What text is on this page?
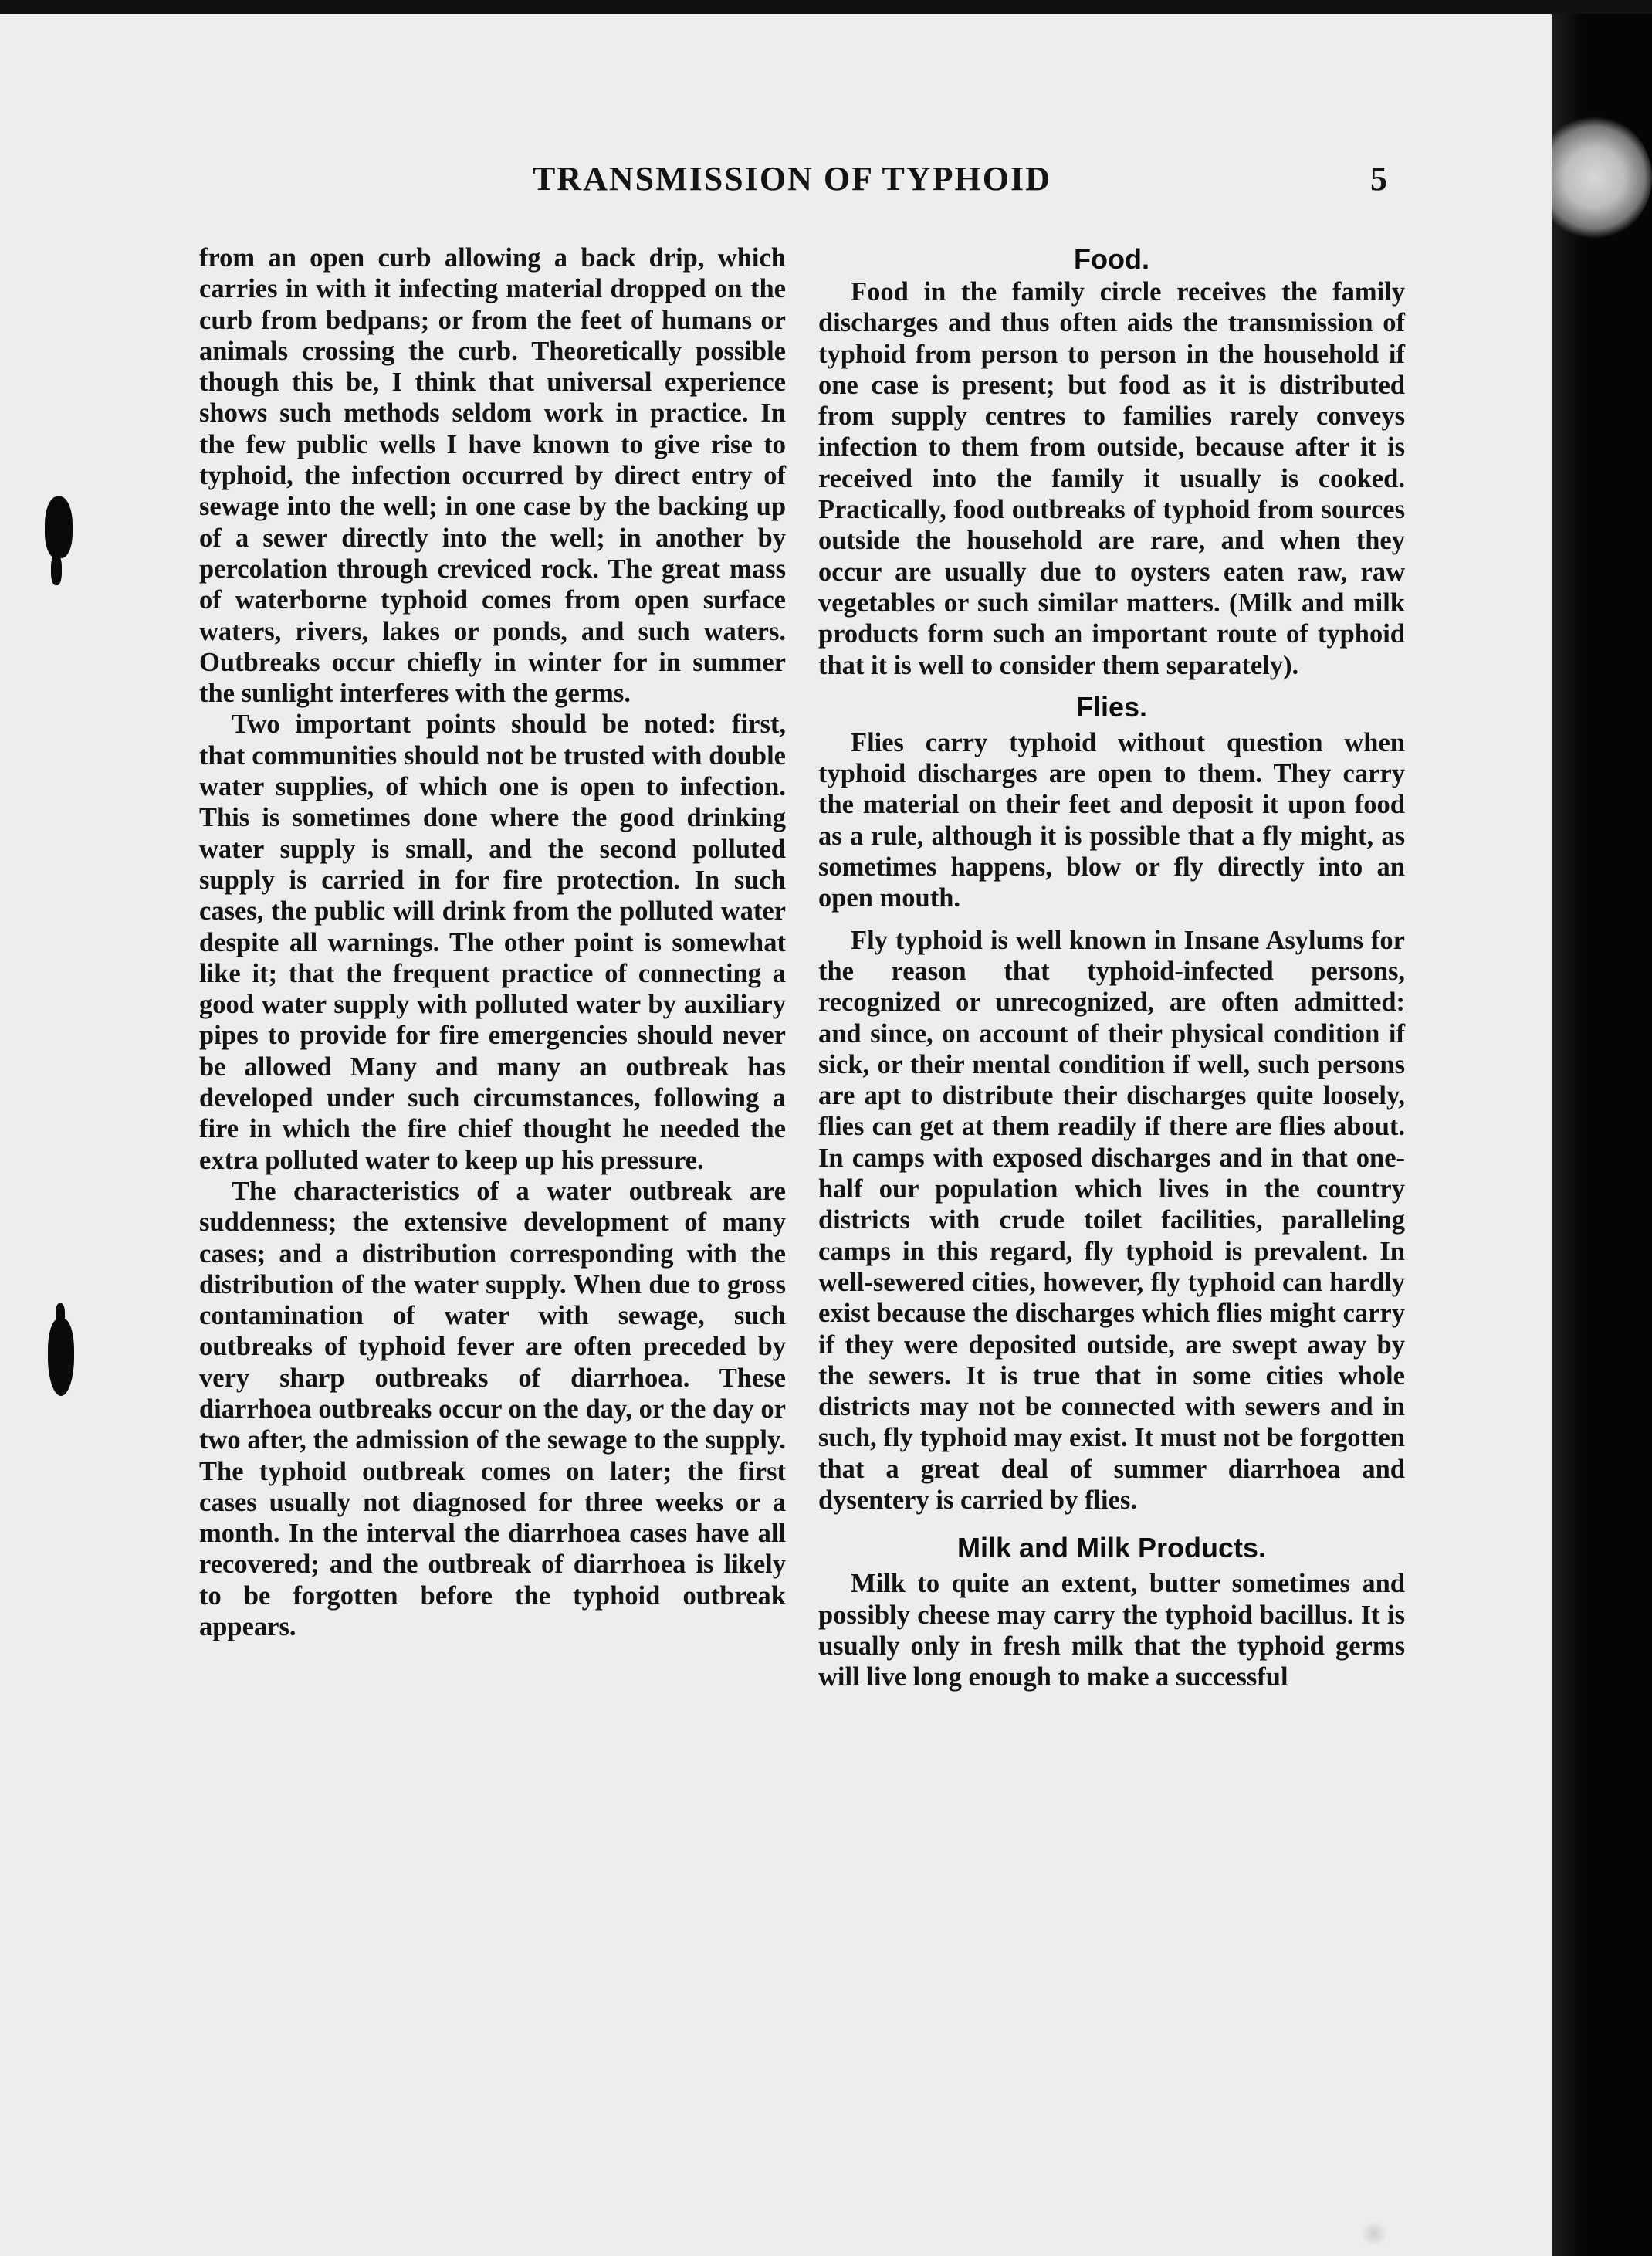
TRANSMISSION OF TYPHOID	5

from an open curb allowing a back drip, which carries in with it infecting material dropped on the curb from bedpans; or from the feet of humans or animals crossing the curb. Theoretically possible though this be, I think that universal experience shows such methods seldom work in practice. In the few public wells I have known to give rise to typhoid, the infection occurred by direct entry of sewage into the well; in one case by the backing up of a sewer directly into the well; in another by percolation through creviced rock. The great mass of waterborne typhoid comes from open surface waters, rivers, lakes or ponds, and such waters. Outbreaks occur chiefly in winter for in summer the sunlight interferes with the germs.

Two important points should be noted: first, that communities should not be trusted with double water supplies, of which one is open to infection. This is sometimes done where the good drinking water supply is small, and the second polluted supply is carried in for fire protection. In such cases, the public will drink from the polluted water despite all warnings. The other point is somewhat like it; that the frequent practice of connecting a good water supply with polluted water by auxiliary pipes to provide for fire emergencies should never be allowed Many and many an outbreak has developed under such circumstances, following a fire in which the fire chief thought he needed the extra polluted water to keep up his pressure.

The characteristics of a water outbreak are suddenness; the extensive development of many cases; and a distribution corresponding with the distribution of the water supply. When due to gross contamination of water with sewage, such outbreaks of typhoid fever are often preceded by very sharp outbreaks of diarrhoea. These diarrhoea outbreaks occur on the day, or the day or two after, the admission of the sewage to the supply. The typhoid outbreak comes on later; the first cases usually not diagnosed for three weeks or a month. In the interval the diarrhoea cases have all recovered; and the outbreak of diarrhoea is likely to be forgotten before the typhoid outbreak appears.

Food.

Food in the family circle receives the family discharges and thus often aids the transmission of typhoid from person to person in the household if one case is present; but food as it is distributed from supply centres to families rarely conveys infection to them from outside, because after it is received into the family it usually is cooked. Practically, food outbreaks of typhoid from sources outside the household are rare, and when they occur are usually due to oysters eaten raw, raw vegetables or such similar matters. (Milk and milk products form such an important route of typhoid that it is well to consider them separately).

Flies.

Flies carry typhoid without question when typhoid discharges are open to them. They carry the material on their feet and deposit it upon food as a rule, although it is possible that a fly might, as sometimes happens, blow or fly directly into an open mouth.

Fly typhoid is well known in Insane Asylums for the reason that typhoid-infected persons, recognized or unrecognized, are often admitted: and since, on account of their physical condition if sick, or their mental condition if well, such persons are apt to distribute their discharges quite loosely, flies can get at them readily if there are flies about. In camps with exposed discharges and in that one-half our population which lives in the country districts with crude toilet facilities, paralleling camps in this regard, fly typhoid is prevalent. In well-sewered cities, however, fly typhoid can hardly exist because the discharges which flies might carry if they were deposited outside, are swept away by the sewers. It is true that in some cities whole districts may not be connected with sewers and in such, fly typhoid may exist. It must not be forgotten that a great deal of summer diarrhoea and dysentery is carried by flies.

Milk and Milk Products.

Milk to quite an extent, butter sometimes and possibly cheese may carry the typhoid bacillus. It is usually only in fresh milk that the typhoid germs will live long enough to make a successful
